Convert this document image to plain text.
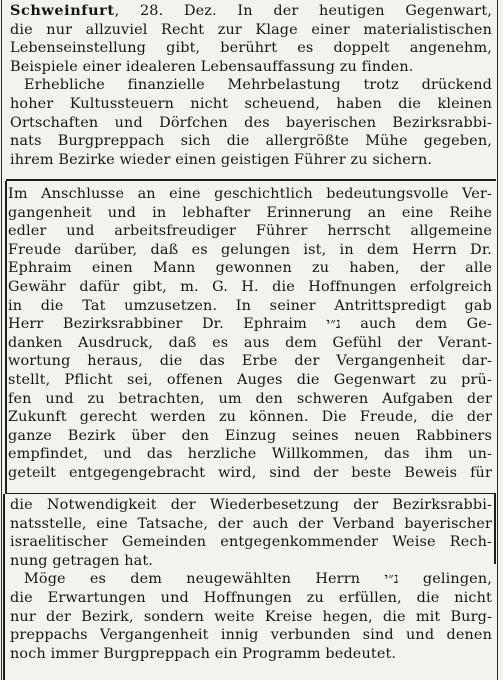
Schweinfurt, 28. Dez. In der heutigen Gegenwart,
die nur allzuviel Recht zur Klage einer materialistischen
Lebenseinstellung gibt, berührt es doppelt angenehm,
Beispiele einer idealeren Lebensauffassung zu finden.
Erhebliche finanzielle Mehrbelastung trotz drückend
hoher Kultussteuern nicht scheuend, haben die kleinen
Ortschaften und Dörfchen des bayerischen Bezirksrabbi-
nats Burgpreppach sich die allergrößte Mühe gegeben,
ihrem Bezirke wieder einen geistigen Führer zu sichern.
Im Anschlusse an eine geschichtlich bedeutungsvolle Ver-
gangenheit und in lebhafter Erinnerung an eine Reihe
edler und arbeitsfreudiger Führer herrscht allgemeine
Freude darüber, daß es gelungen ist, in dem Herrn Dr.
Ephraim einen Mann gewonnen zu haben, der alle
Gewähr dafür gibt, m. G. H. die Hoffnungen erfolgreich
in die Tat umzusetzen. In seiner Antrittspredigt gab
Herr Bezirksrabbiner Dr. Ephraim נ״י auch dem Ge-
danken Ausdruck, daß es aus dem Gefühl der Verant-
wortung heraus, die das Erbe der Vergangenheit dar-
stellt, Pflicht sei, offenen Auges die Gegenwart zu prü-
fen und zu betrachten, um den schweren Aufgaben der
Zukunft gerecht werden zu können. Die Freude, die der
ganze Bezirk über den Einzug seines neuen Rabbiners
empfindet, und das herzliche Willkommen, das ihm un-
geteilt entgegengebracht wird, sind der beste Beweis für
die Notwendigkeit der Wiederbesetzung der Bezirksrabbi-
natsstelle, eine Tatsache, der auch der Verband bayerischer
israelitischer Gemeinden entgegenkommender Weise Rech-
nung getragen hat.
Möge es dem neugewählten Herrn נ״י gelingen,
die Erwartungen und Hoffnungen zu erfüllen, die nicht
nur der Bezirk, sondern weite Kreise hegen, die mit Burg-
preppachs Vergangenheit innig verbunden sind und denen
noch immer Burgpreppach ein Programm bedeutet.
